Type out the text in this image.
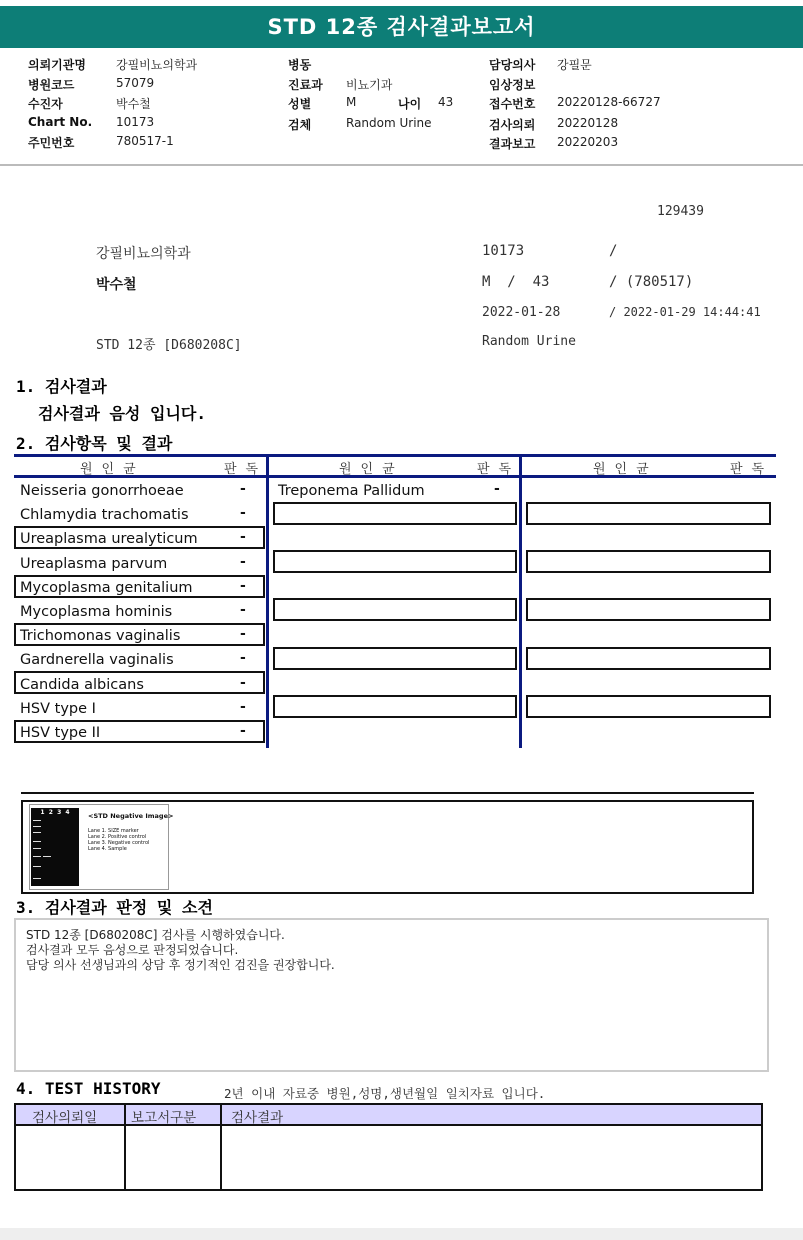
STD 12종 검사결과보고서
의뢰기관명	강필비뇨의학과
병원코드	57079
수진자	박수철
Chart No.	10173
주민번호	780517-1
병동
진료과	비뇨기과
성별	M	나이	43
검체	Random Urine
담당의사	강필문
임상정보
접수번호	20220128-66727
검사의뢰	20220128
결과보고	20220203
129439
강필비뇨의학과	10173	/
박수철	M  /  43	/ (780517)
2022-01-28	/ 2022-01-29 14:44:41
STD 12종 [D680208C]	Random Urine
1. 검사결과
검사결과 음성 입니다.
2. 검사항목 및 결과
원인균	판독	원인균	판독	원인균	판독
Neisseria gonorrhoeae	-
Chlamydia trachomatis	-
Ureaplasma urealyticum	-
Ureaplasma parvum	-
Mycoplasma genitalium	-
Mycoplasma hominis	-
Trichomonas vaginalis	-
Gardnerella vaginalis	-
Candida albicans	-
HSV type I	-
HSV type II	-
Treponema Pallidum	-
1  2  3  4	<STD Negative Image>
Lane 1. SIZE marker
Lane 2. Positive control
Lane 3. Negative control
Lane 4. Sample
3. 검사결과 판정 및 소견
STD 12종 [D680208C] 검사를 시행하였습니다.
검사결과 모두 음성으로 판정되었습니다.
담당 의사 선생님과의 상담 후 정기적인 검진을 권장합니다.
4. TEST HISTORY	2년 이내 자료중 병원,성명,생년월일 일치자료 입니다.
검사의뢰일	보고서구분	검사결과
